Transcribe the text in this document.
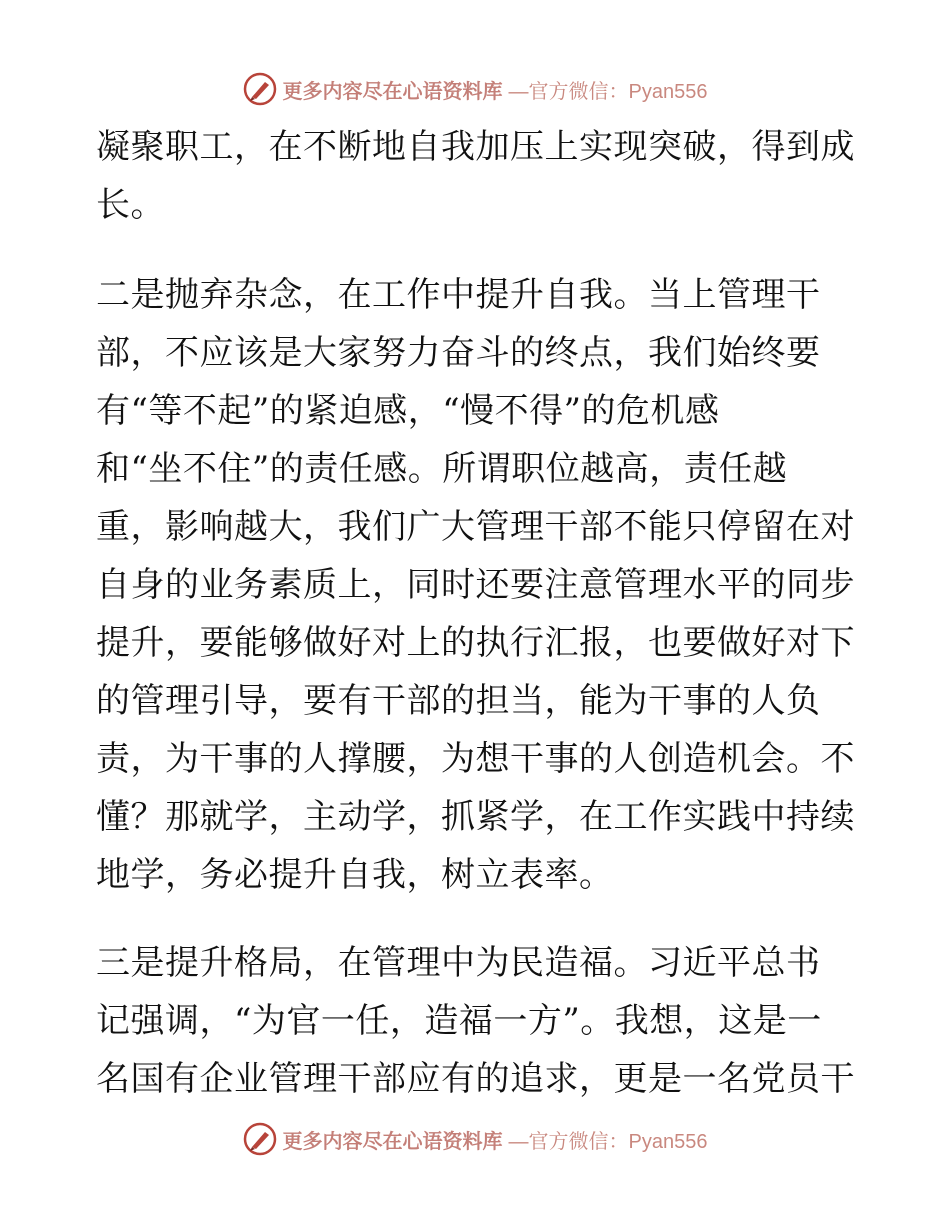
更多内容尽在心语资料库 —官方微信：Pyan556
凝聚职工，在不断地自我加压上实现突破，得到成
长。
二是抛弃杂念，在工作中提升自我。当上管理干
部，不应该是大家努力奋斗的终点，我们始终要
有“等不起”的紧迫感，“慢不得”的危机感
和“坐不住”的责任感。所谓职位越高，责任越
重，影响越大，我们广大管理干部不能只停留在对
自身的业务素质上，同时还要注意管理水平的同步
提升，要能够做好对上的执行汇报，也要做好对下
的管理引导，要有干部的担当，能为干事的人负
责，为干事的人撑腰，为想干事的人创造机会。不
懂？那就学，主动学，抓紧学，在工作实践中持续
地学，务必提升自我，树立表率。
三是提升格局，在管理中为民造福。习近平总书
记强调，“为官一任，造福一方”。我想，这是一
名国有企业管理干部应有的追求，更是一名党员干
更多内容尽在心语资料库 —官方微信：Pyan556
